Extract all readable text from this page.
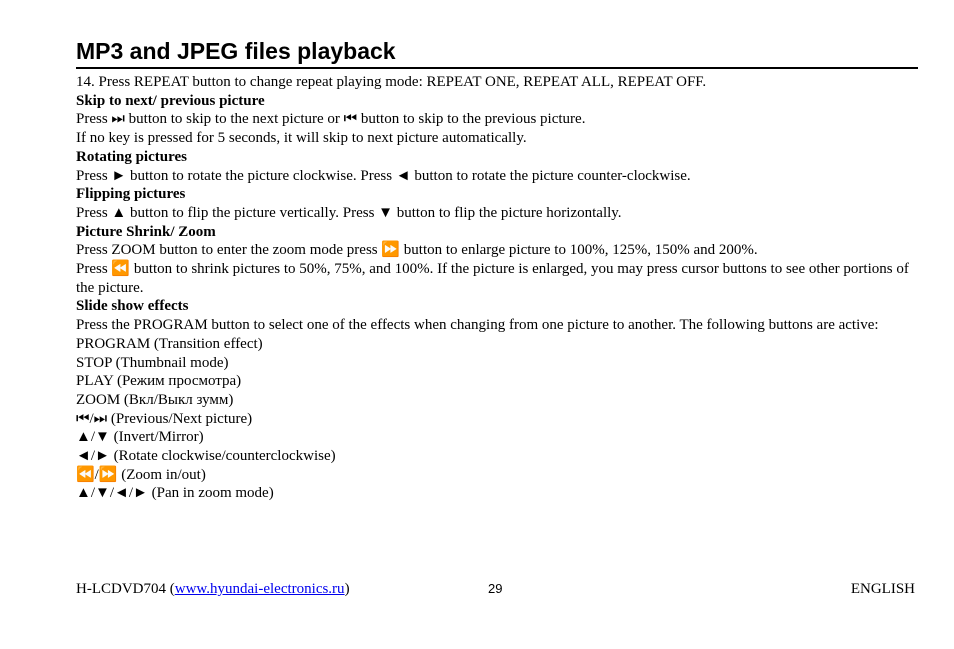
MP3 and JPEG files playback

14. Press REPEAT button to change repeat playing mode: REPEAT ONE, REPEAT ALL, REPEAT OFF.

Skip to next/ previous picture

Press ⏭ button to skip to the next picture or ⏮ button to skip to the previous picture.

If no key is pressed for 5 seconds, it will skip to next picture automatically.

Rotating pictures

Press ► button to rotate the picture clockwise. Press ◄ button to rotate the picture counter-clockwise.

Flipping pictures

Press ▲ button to flip the picture vertically. Press ▼ button to flip the picture horizontally.

Picture Shrink/ Zoom

Press ZOOM button to enter the zoom mode press ⏩ button to enlarge picture to 100%, 125%, 150% and 200%.

Press ⏪ button to shrink pictures to 50%, 75%, and 100%. If the picture is enlarged, you may press cursor buttons to see other portions of the picture.

Slide show effects

Press the PROGRAM button to select one of the effects when changing from one picture to another. The following buttons are active:

PROGRAM (Transition effect)

STOP (Thumbnail mode)

PLAY (Режим просмотра)

ZOOM (Вкл/Выкл зумм)

⏮/⏭ (Previous/Next picture)

▲/▼ (Invert/Mirror)

◄/► (Rotate clockwise/counterclockwise)

⏪/⏩ (Zoom in/out)

▲/▼/◄/► (Pan in zoom mode)

H-LCDVD704 (www.hyundai-electronics.ru)	29	ENGLISH
